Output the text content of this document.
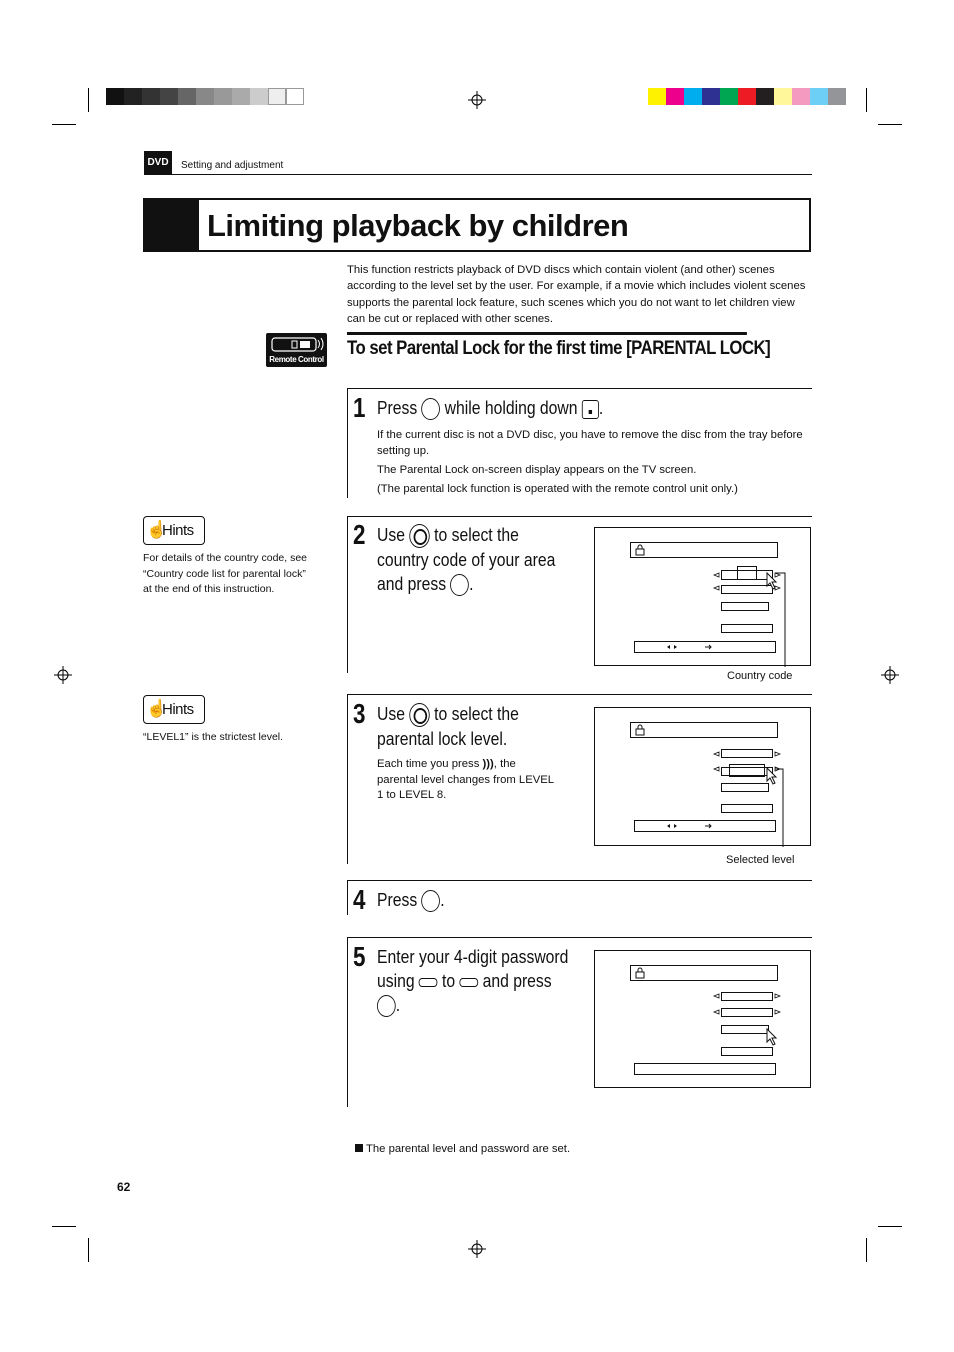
DVD	Setting and adjustment
Limiting playback by children
This function restricts playback of DVD discs which contain violent (and other) scenes according to the level set by the user. For example, if a movie which includes violent scenes supports the parental lock feature, such scenes which you do not want to let children view can be cut or replaced with other scenes.
Remote Control
To set Parental Lock for the first time [PARENTAL LOCK]
1 Press while holding down .
If the current disc is not a DVD disc, you have to remove the disc from the tray before setting up.
The Parental Lock on-screen display appears on the TV screen.
(The parental lock function is operated with the remote control unit only.)
☝
Hints
For details of the country code, see “Country code list for parental lock” at the end of this instruction.
2 Use to select the
country code of your area
and press .
Country code
☝
Hints
“LEVEL1” is the strictest level.
3 Use to select the
parental lock level.
Each time you press ))), the
parental level changes from LEVEL
1 to LEVEL 8.
Selected level
4 Press .
5 Enter your 4-digit password
using to and press
.
The parental level and password are set.
62
